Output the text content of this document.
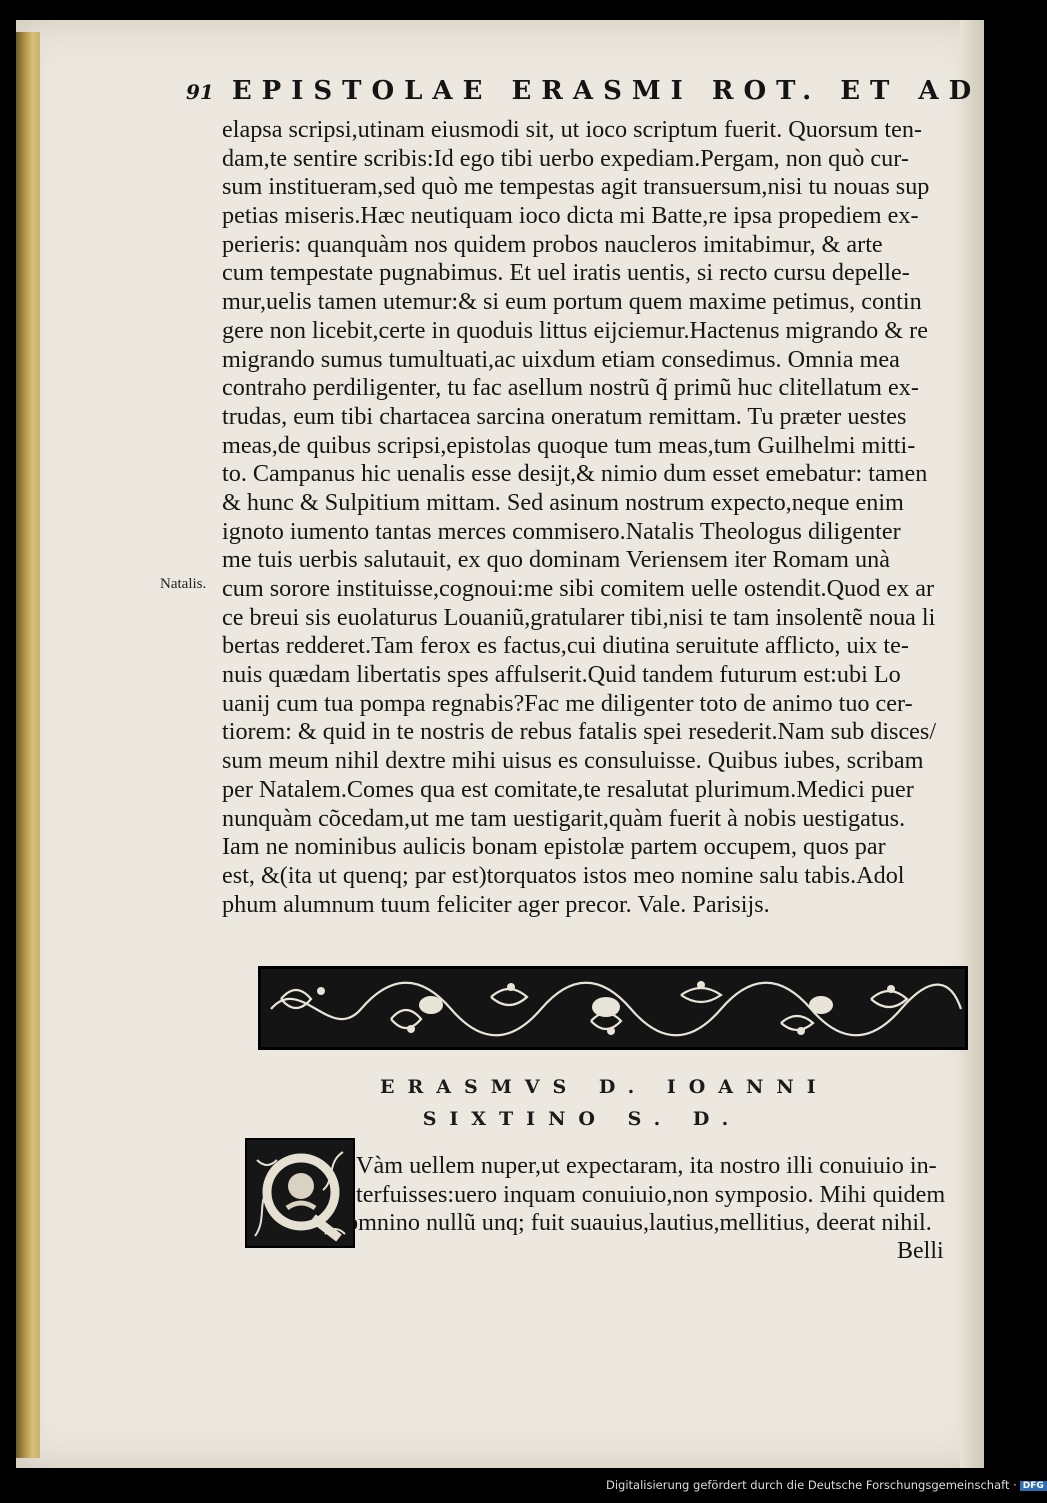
91 EPISTOLAE ERASMI ROT. ET AD
elapsa scripsi,utinam eiusmodi sit, ut ioco scriptum fuerit. Quorsum ten-
dam,te sentire scribis:Id ego tibi uerbo expediam.Pergam, non quò cur-
sum institueram,sed quò me tempestas agit transuersum,nisi tu nouas sup
petias miseris.Hæc neutiquam ioco dicta mi Batte,re ipsa propediem ex-
perieris: quanquàm nos quidem probos naucleros imitabimur, & arte
cum tempestate pugnabimus. Et uel iratis uentis, si recto cursu depelle-
mur,uelis tamen utemur:& si eum portum quem maxime petimus, contin
gere non licebit,certe in quoduis littus eijciemur.Hactenus migrando & re
migrando sumus tumultuati,ac uixdum etiam consedimus. Omnia mea
contraho perdiligenter, tu fac asellum nostrũ q̃ primũ huc clitellatum ex-
trudas, eum tibi chartacea sarcina oneratum remittam. Tu præter uestes
meas,de quibus scripsi,epistolas quoque tum meas,tum Guilhelmi mitti-
to. Campanus hic uenalis esse desijt,& nimio dum esset emebatur: tamen
& hunc & Sulpitium mittam. Sed asinum nostrum expecto,neque enim
ignoto iumento tantas merces commisero.Natalis Theologus diligenter
me tuis uerbis salutauit, ex quo dominam Veriensem iter Romam unà
cum sorore instituisse,cognoui:me sibi comitem uelle ostendit.Quod ex ar
ce breui sis euolaturus Louaniũ,gratularer tibi,nisi te tam insolentẽ noua li
bertas redderet.Tam ferox es factus,cui diutina seruitute afflicto, uix te-
nuis quædam libertatis spes affulserit.Quid tandem futurum est:ubi Lo
uanij cum tua pompa regnabis?Fac me diligenter toto de animo tuo cer-
tiorem: & quid in te nostris de rebus fatalis spei resederit.Nam sub disces/
sum meum nihil dextre mihi uisus es consuluisse. Quibus iubes, scribam
per Natalem.Comes qua est comitate,te resalutat plurimum.Medici puer
nunquàm cõcedam,ut me tam uestigarit,quàm fuerit à nobis uestigatus.
Iam ne nominibus aulicis bonam epistolæ partem occupem, quos par
est, &(ita ut quenq; par est)torquatos istos meo nomine salu tabis.Adol
phum alumnum tuum feliciter ager precor. Vale. Parisijs.
Natalis.
ERASMVS D. IOANNI
SIXTINO S. D.
Q
Vàm uellem nuper,ut expectaram, ita nostro illi conuiuio in-
terfuisses:uero inquam conuiuio,non symposio. Mihi quidem
omnino nullũ unq; fuit suauius,lautius,mellitius, deerat nihil.
Belli
Digitalisierung gefördert durch die Deutsche Forschungsgemeinschaft · DFG
